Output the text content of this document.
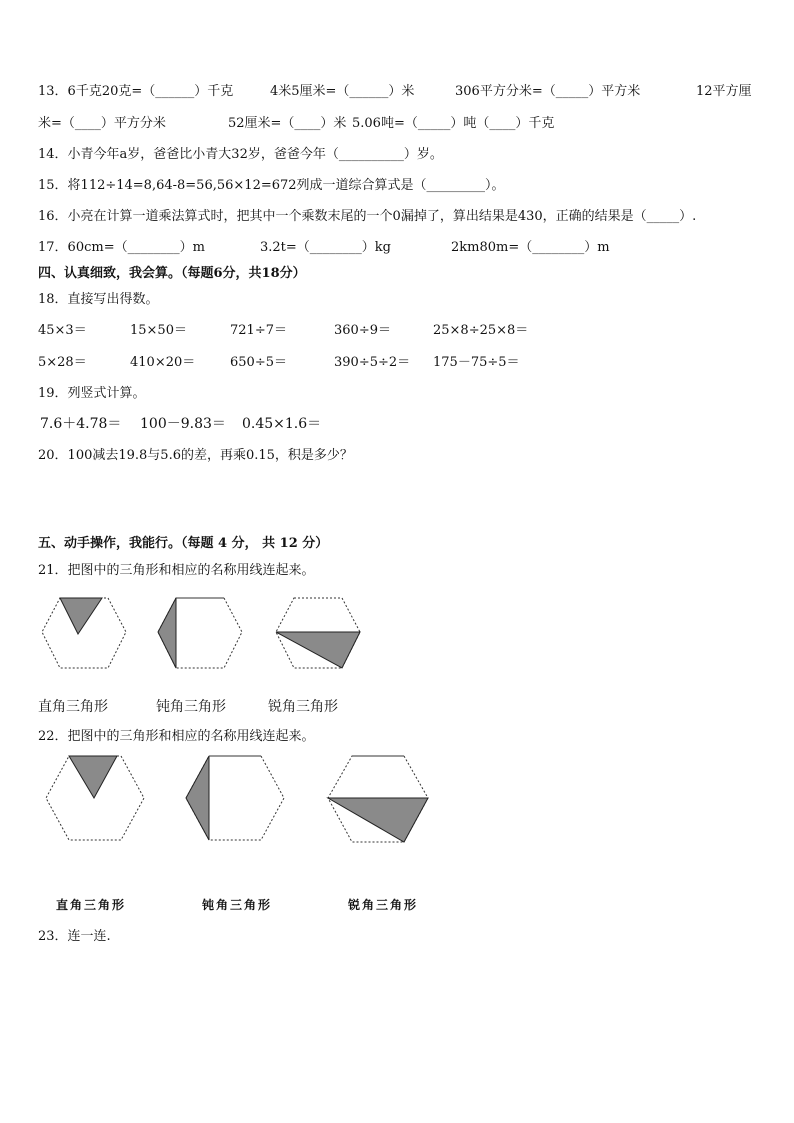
13．6千克20克=（______）千克	4米5厘米=（______）米	306平方分米=（_____）平方米	12平方厘
米=（____）平方分米	52厘米=（____）米 5.06吨=（_____）吨（____）千克
14．小青今年a岁，爸爸比小青大32岁，爸爸今年（__________）岁。
15．将112÷14=8,64-8=56,56×12=672列成一道综合算式是（_________）。
16．小亮在计算一道乘法算式时，把其中一个乘数末尾的一个0漏掉了，算出结果是430，正确的结果是（_____）.
17．60cm=（________）m	3.2t=（________）kg	2km80m=（________）m
四、认真细致，我会算。（每题6分，共18分）
18．直接写出得数。
45×3＝	15×50＝	721÷7＝	360÷9＝	25×8÷25×8＝
5×28＝	410×20＝	650÷5＝	390÷5÷2＝ 175－75÷5＝
19．列竖式计算。
7.6＋4.78＝ 100－9.83＝ 0.45×1.6＝
20．100减去19.8与5.6的差，再乘0.15，积是多少？
五、动手操作，我能行。（每题 4 分， 共 12 分）
21．把图中的三角形和相应的名称用线连起来。
直角三角形	钝角三角形	锐角三角形
22．把图中的三角形和相应的名称用线连起来。
直角三角形	钝角三角形	锐角三角形
23．连一连.
